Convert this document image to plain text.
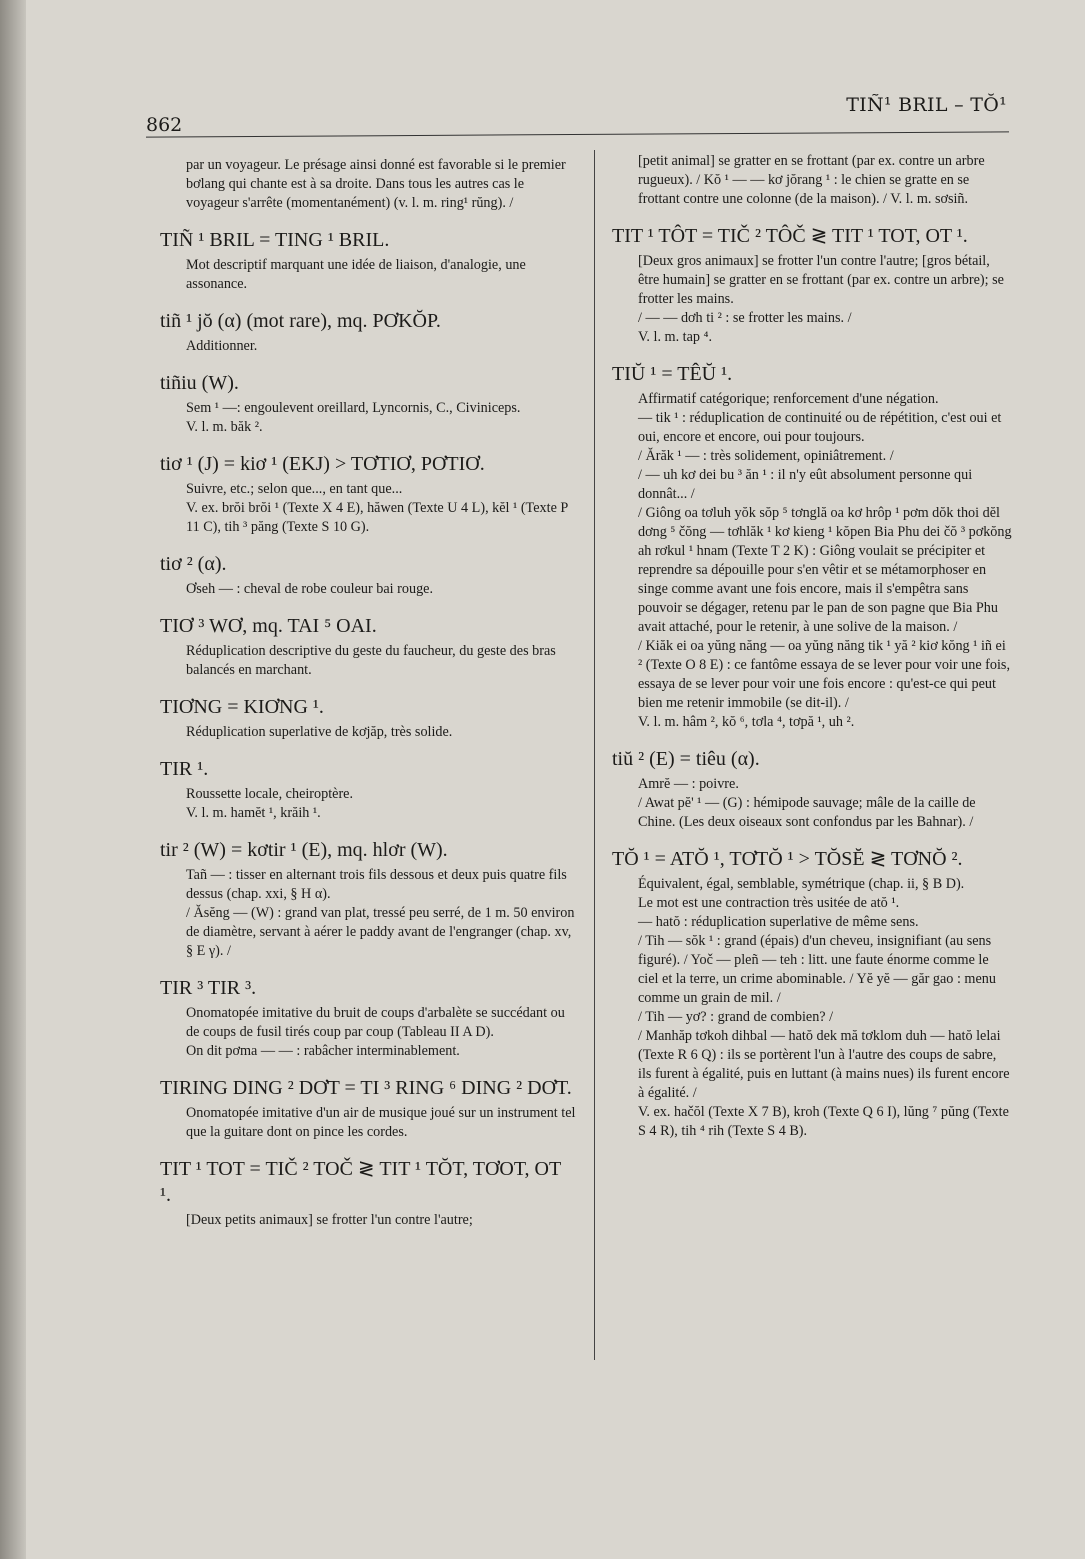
862
TIÑ¹ BRIL – TŎ¹

par un voyageur. Le présage ainsi donné est favorable si le premier bơlang qui chante est à sa droite. Dans tous les autres cas le voyageur s'arrête (momentanément) (v. l. m. ring¹ rŭng). /

TIÑ ¹ BRIL = TING ¹ BRIL.

Mot descriptif marquant une idée de liaison, d'analogie, une assonance.

tiñ ¹ jŏ (α) (mot rare), mq. PƠKŎP.

Additionner.

tiñiu (W).

Sem ¹ —: engoulevent oreillard, Lyncornis, C., Civiniceps.

V. l. m. băk ².

tiơ ¹ (J) = kiơ ¹ (EKJ) > TƠTIƠ, PƠTIƠ.

Suivre, etc.; selon que..., en tant que...

V. ex. brŏi brŏi ¹ (Texte X 4 E), hăwen (Texte U 4 L), kĕl ¹ (Texte P 11 C), tih ³ păng (Texte S 10 G).

tiơ ² (α).

Ơseh — : cheval de robe couleur bai rouge.

TIƠ ³ WƠ, mq. TAI ⁵ OAI.

Réduplication descriptive du geste du faucheur, du geste des bras balancés en marchant.

TIƠNG = KIƠNG ¹.

Réduplication superlative de kơjăp, très solide.

TIR ¹.

Roussette locale, cheiroptère.

V. l. m. hamĕt ¹, krăih ¹.

tir ² (W) = kơtir ¹ (E), mq. hlơr (W).

Tañ — : tisser en alternant trois fils dessous et deux puis quatre fils dessus (chap. xxi, § H α).

/ Ăsĕng — (W) : grand van plat, tressé peu serré, de 1 m. 50 environ de diamètre, servant à aérer le paddy avant de l'engranger (chap. xv, § E γ). /

TIR ³ TIR ³.

Onomatopée imitative du bruit de coups d'arbalète se succédant ou de coups de fusil tirés coup par coup (Tableau II A D).

On dit pơma — — : rabâcher interminablement.

TIRING DING ² DƠT = TI ³ RING ⁶ DING ² DƠT.

Onomatopée imitative d'un air de musique joué sur un instrument tel que la guitare dont on pince les cordes.

TIT ¹ TOT = TIČ ² TOČ ≷ TIT ¹ TŎT, TƠOT, OT ¹.

[Deux petits animaux] se frotter l'un contre l'autre;

[petit animal] se gratter en se frottant (par ex. contre un arbre rugueux). / Kŏ ¹ — — kơ jŏrang ¹ : le chien se gratte en se frottant contre une colonne (de la maison). / V. l. m. sơsiñ.

TIT ¹ TÔT = TIČ ² TÔČ ≷ TIT ¹ TOT, OT ¹.

[Deux gros animaux] se frotter l'un contre l'autre; [gros bétail, être humain] se gratter en se frottant (par ex. contre un arbre); se frotter les mains.

/ — — dơh ti ² : se frotter les mains. /

V. l. m. tap ⁴.

TIŬ ¹ = TÊŬ ¹.

Affirmatif catégorique; renforcement d'une négation.

— tik ¹ : réduplication de continuité ou de répétition, c'est oui et oui, encore et encore, oui pour toujours.

/ Ărăk ¹ — : très solidement, opiniâtrement. /

/ — uh kơ dei bu ³ ăn ¹ : il n'y eût absolument personne qui donnât... /

/ Giông oa tơluh yŏk sŏp ⁵ tơnglă oa kơ hrôp ¹ pơm dŏk thoi dĕl dơng ⁵ čŏng — tơhlăk ¹ kơ kieng ¹ kŏpen Bia Phu dei čŏ ³ pơkŏng ah rơkul ¹ hnam (Texte T 2 K) : Giông voulait se précipiter et reprendre sa dépouille pour s'en vêtir et se métamorphoser en singe comme avant une fois encore, mais il s'empêtra sans pouvoir se dégager, retenu par le pan de son pagne que Bia Phu avait attaché, pour le retenir, à une solive de la maison. /

/ Kiăk ei oa yŭng năng — oa yŭng năng tik ¹ yă ² kiơ kŏng ¹ iñ ei ² (Texte O 8 E) : ce fantôme essaya de se lever pour voir une fois, essaya de se lever pour voir une fois encore : qu'est-ce qui peut bien me retenir immobile (se dit-il). /

V. l. m. hâm ², kŏ ⁶, tơla ⁴, tơpă ¹, uh ².

tiŭ ² (E) = tiêu (α).

Amrĕ — : poivre.

/ Awat pĕ' ¹ — (G) : hémipode sauvage; mâle de la caille de Chine. (Les deux oiseaux sont confondus par les Bahnar). /

TŎ ¹ = ATŎ ¹, TƠTŎ ¹ > TŎSĔ ≷ TƠNŎ ².

Équivalent, égal, semblable, symétrique (chap. ii, § B D).

Le mot est une contraction très usitée de atŏ ¹.

— hatŏ : réduplication superlative de même sens.

/ Tih — sŏk ¹ : grand (épais) d'un cheveu, insignifiant (au sens figuré). / Yoč — pleñ — teh : litt. une faute énorme comme le ciel et la terre, un crime abominable. / Yĕ yĕ — găr gao : menu comme un grain de mil. /

/ Tih — yơ? : grand de combien? /

/ Manhăp tơkoh dihbal — hatŏ dek mă tơklom duh — hatŏ lelai (Texte R 6 Q) : ils se portèrent l'un à l'autre des coups de sabre, ils furent à égalité, puis en luttant (à mains nues) ils furent encore à égalité. /

V. ex. hačŏl (Texte X 7 B), kroh (Texte Q 6 I), lŭng ⁷ pŭng (Texte S 4 R), tih ⁴ rih (Texte S 4 B).
